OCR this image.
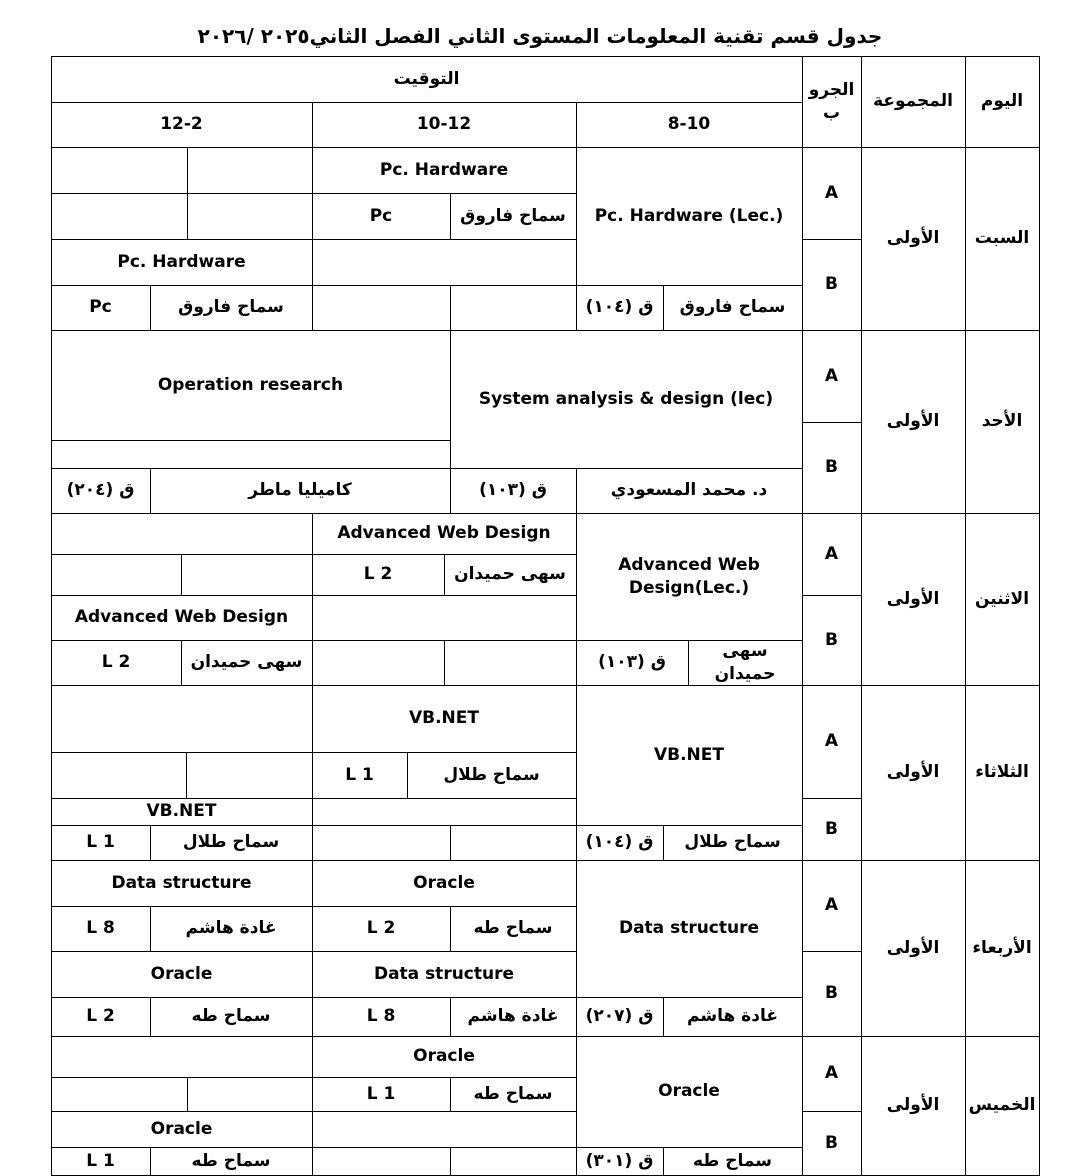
جدول قسم تقنية المعلومات المستوى الثاني الفصل الثاني٢٠٢٥ /٢٠٢٦
اليوم
المجموعة
الجرو ب
التوقيت
8-10
10-12
12-2
السبت
الأولى
A
B
Pc. Hardware (Lec.)
سماح فاروق
ق (١٠٤)
Pc. Hardware
سماح فاروق
Pc
Pc. Hardware
سماح فاروق
Pc
الأحد
الأولى
A
B
System analysis & design (lec)
د. محمد المسعودي
ق (١٠٣)
Operation research
كاميليا ماطر
ق (٢٠٤)
الاثنين
الأولى
A
B
Advanced Web Design(Lec.)
سهى حميدان
ق (١٠٣)
Advanced Web Design
سهى حميدان
L 2
Advanced Web Design
سهى حميدان
L 2
الثلاثاء
الأولى
A
B
VB.NET
سماح طلال
ق (١٠٤)
VB.NET
سماح طلال
L 1
VB.NET
سماح طلال
L 1
الأربعاء
الأولى
A
B
Data structure
غادة هاشم
ق (٢٠٧)
Oracle
سماح طه
L 2
Data structure
غادة هاشم
L 8
Data structure
غادة هاشم
L 8
Oracle
سماح طه
L 2
الخميس
الأولى
A
B
Oracle
سماح طه
ق (٣٠١)
Oracle
سماح طه
L 1
Oracle
سماح طه
L 1
